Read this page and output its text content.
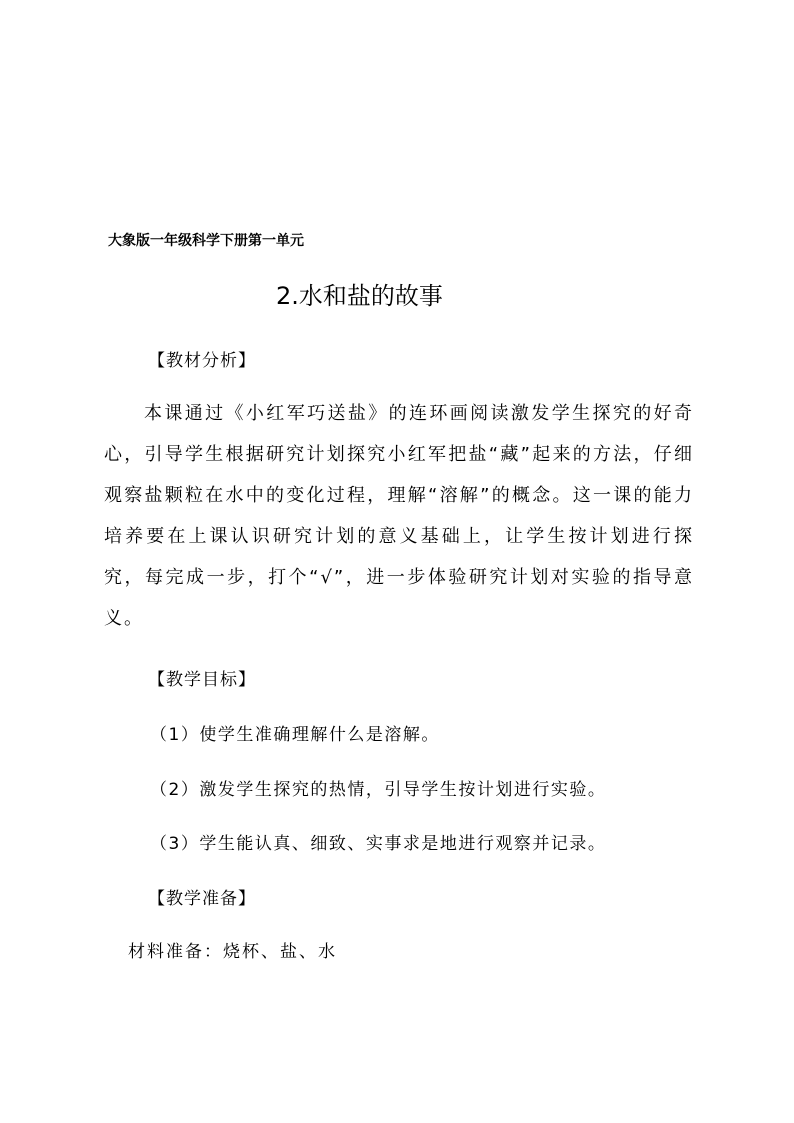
大象版一年级科学下册第一单元
2.水和盐的故事
【教材分析】
本课通过《小红军巧送盐》的连环画阅读激发学生探究的好奇心，引导学生根据研究计划探究小红军把盐“藏”起来的方法，仔细观察盐颗粒在水中的变化过程，理解“溶解”的概念。这一课的能力培养要在上课认识研究计划的意义基础上，让学生按计划进行探究，每完成一步，打个“√”，进一步体验研究计划对实验的指导意义。
【教学目标】
（1）使学生准确理解什么是溶解。
（2）激发学生探究的热情，引导学生按计划进行实验。
（3）学生能认真、细致、实事求是地进行观察并记录。
【教学准备】
材料准备：烧杯、盐、水
